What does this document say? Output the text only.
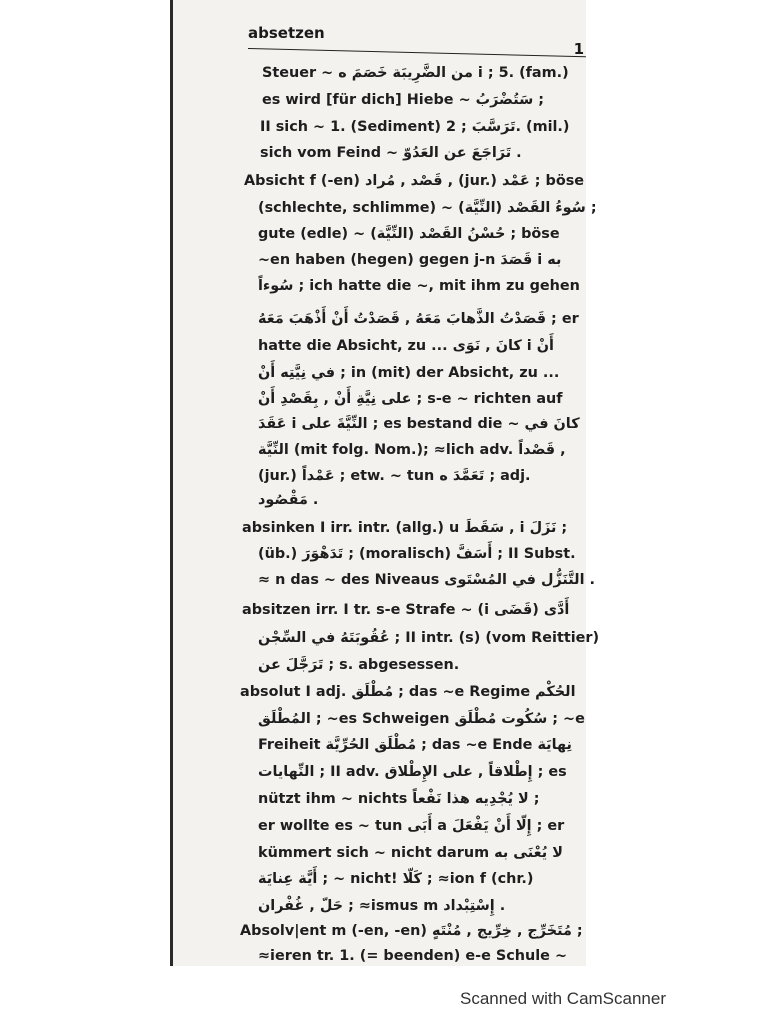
absetzen
1
Steuer ~ من الضَّرِيبَة خَصَمَ ه i ; 5. (fam.)
es wird [für dich] Hiebe ~ سَتُضْرَبُ ;
II sich ~ 1. (Sediment) تَرَسَّبَ ; 2. (mil.)
sich vom Feind ~ تَرَاجَعَ عن العَدُوّ .
Absicht f (-en) قَصْد , مُراد , (jur.) عَمْد ; böse
(schlechte, schlimme) ~ سُوءُ القَصْد (النِّيَّة) ;
gute (edle) ~ حُسْنُ القَصْد (النِّيَّة) ; böse
~en haben (hegen) gegen j-n قَصَدَ i به
سُوءاً ; ich hatte die ~, mit ihm zu gehen
قَصَدْتُ الذَّهابَ مَعَهُ , قَصَدْتُ أَنْ أَذْهَبَ مَعَهُ ; er
hatte die Absicht, zu ... كانَ , نَوَى i أَنْ
في نِيَّتِه أَنْ ; in (mit) der Absicht, zu ...
على نِيَّةِ أَنْ , بِقَصْدِ أَنْ ; s-e ~ richten auf
عَقَدَ i النِّيَّةَ على ; es bestand die ~ كانَ في
النِّيَّة (mit folg. Nom.); ≈lich adv. قَصْداً ,
(jur.) عَمْداً ; etw. ~ tun تَعَمَّدَ ه ; adj.
مَقْصُود .
absinken I irr. intr. (allg.) u سَقَطَ , i نَزَلَ ;
(üb.) تَدَهْوَرَ ; (moralisch) أَسَفَّ ; II Subst.
≈ n das ~ des Niveaus التَّنَزُّل في المُسْتَوى .
absitzen irr. I tr. s-e Strafe ~ (i قَضَى) أَدَّى
عُقُوبَتَهُ في السِّجْن ; II intr. (s) (vom Reittier)
تَرَجَّلَ عن ; s. abgesessen.
absolut I adj. مُطْلَق ; das ~e Regime الحُكْم
المُطْلَق ; ~es Schweigen سُكُوت مُطْلَق ; ~e
Freiheit مُطْلَق الحُرِّيَّة ; das ~e Ende نِهايَة
النِّهايات ; II adv. إِطْلاقاً , على الإِطْلاق ; es
nützt ihm ~ nichts لا يُجْدِيه هذا نَفْعاً ;
er wollte es ~ tun أَبَى a إِلّا أَنْ يَفْعَلَ ; er
kümmert sich ~ nicht darum لا يُعْنَى به
أَيَّة عِنايَة ; ~ nicht! كَلّا ; ≈ion f (chr.)
حَلّ , غُفْران ; ≈ismus m إِسْتِبْداد .
Absolv|ent m (-en, -en) مُتَخَرِّج , خِرِّيج , مُنْتَهٍ ;
≈ieren tr. 1. (= beenden) e-e Schule ~
Scanned with CamScanner
